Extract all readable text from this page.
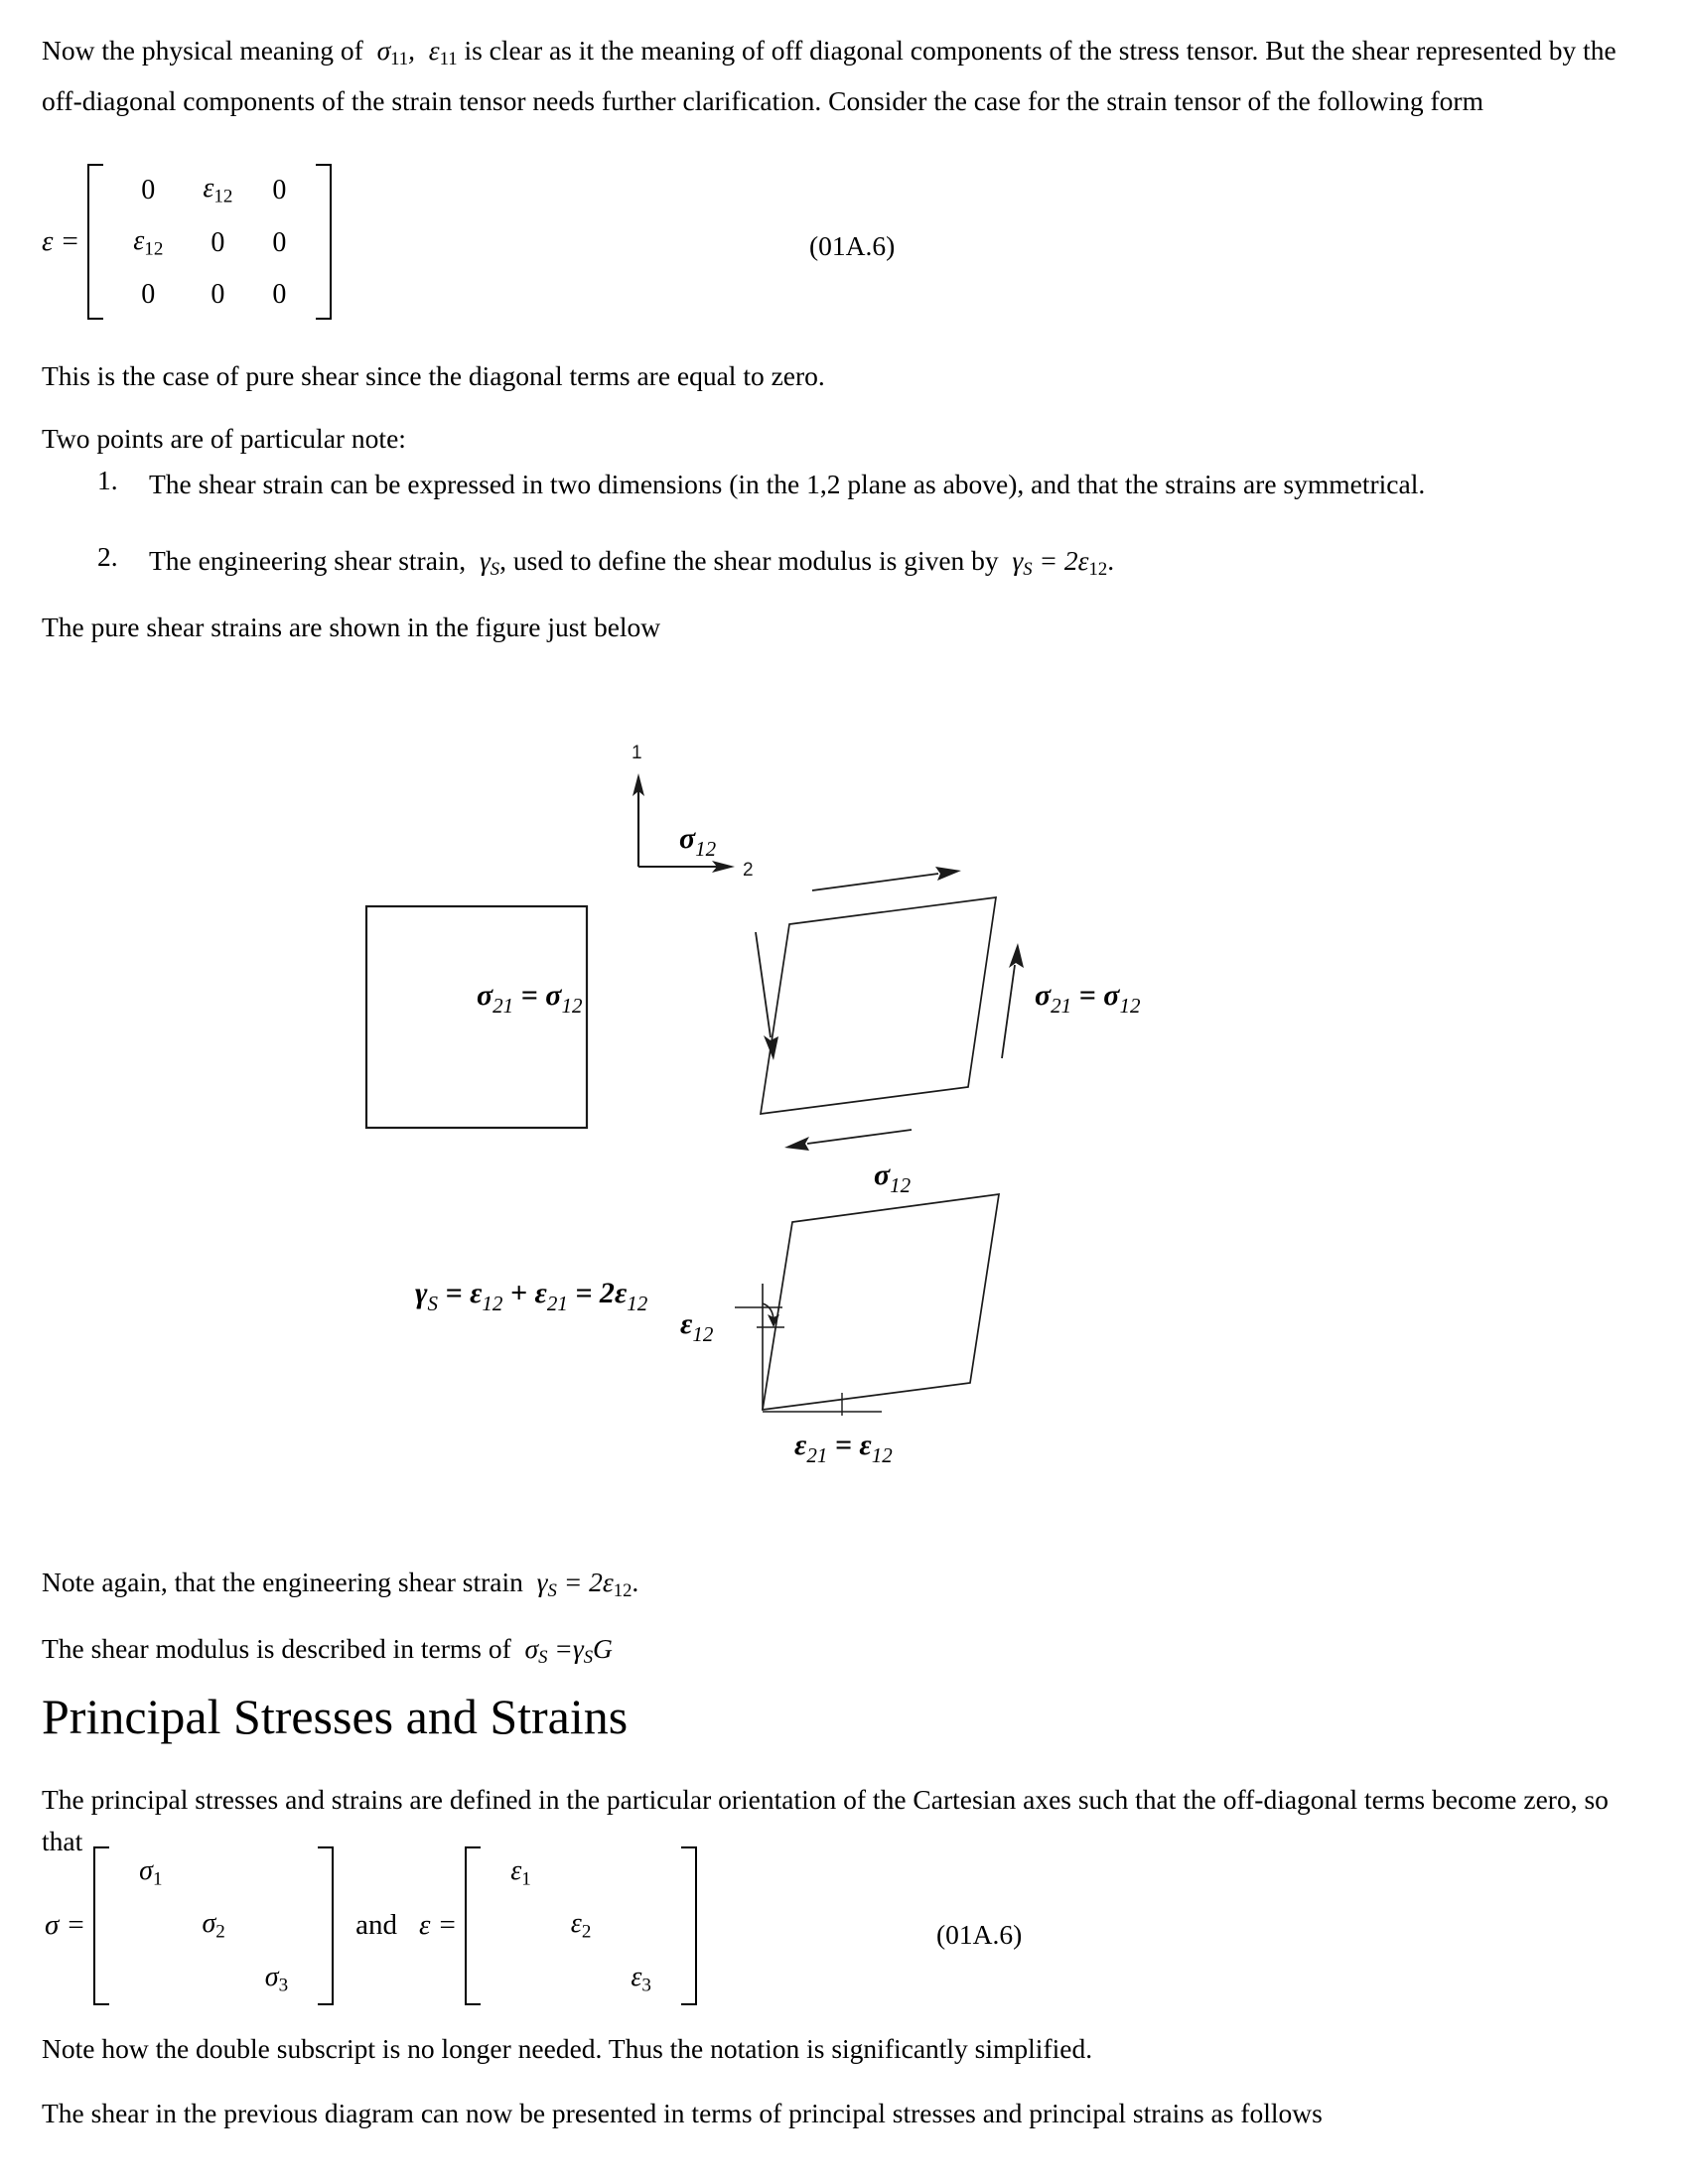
Now the physical meaning of $\sigma_{11}$, $\varepsilon_{11}$ is clear as it the meaning of off diagonal components of the stress tensor. But the shear represented by the off-diagonal components of the strain tensor needs further clarification. Consider the case for the strain tensor of the following form
ε =
0	$\varepsilon_{12}$	0
$\varepsilon_{12}$	0	0
0	0	0
(01A.6)
This is the case of pure shear since the diagonal terms are equal to zero.
Two points are of particular note:
1. The shear strain can be expressed in two dimensions (in the 1,2 plane as above), and that the strains are symmetrical.
2. The engineering shear strain, $\gamma_S$, used to define the shear modulus is given by $\gamma_S = 2\varepsilon_{12}$.
The pure shear strains are shown in the figure just below
1
2
$\sigma_{12}$
$\sigma_{21} = \sigma_{12}$	$\sigma_{21} = \sigma_{12}$
$\sigma_{12}$
$\gamma_S = \varepsilon_{12} + \varepsilon_{21} = 2\varepsilon_{12}$
$\varepsilon_{12}$
$\varepsilon_{21} = \varepsilon_{12}$
Note again, that the engineering shear strain $\gamma_S = 2\varepsilon_{12}$.
The shear modulus is described in terms of $\sigma_S =\gamma_SG$
Principal Stresses and Strains
The principal stresses and strains are defined in the particular orientation of the Cartesian axes such that the off-diagonal terms become zero, so that
σ =
$\sigma_1$		
	$\sigma_2$	
		$\sigma_3$
and ε =
$\varepsilon_1$		
	$\varepsilon_2$	
		$\varepsilon_3$
(01A.6)
Note how the double subscript is no longer needed. Thus the notation is significantly simplified.
The shear in the previous diagram can now be presented in terms of principal stresses and principal strains as follows
